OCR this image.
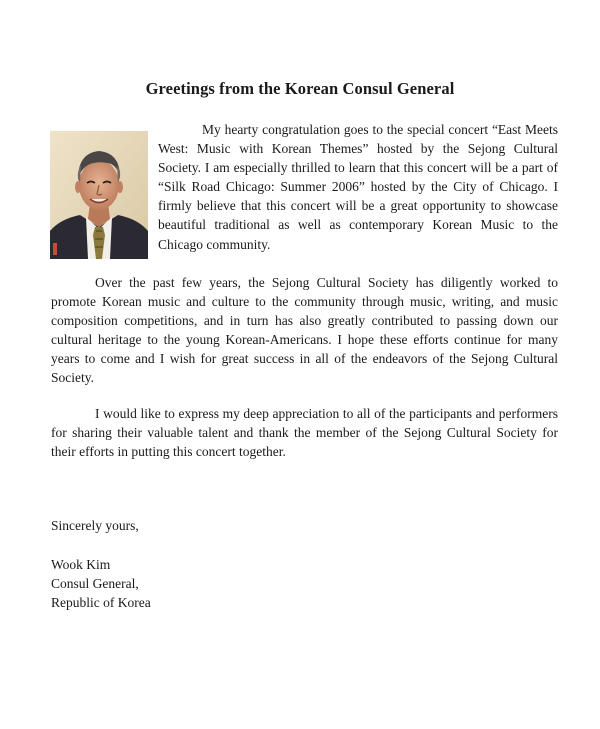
Greetings from the Korean Consul General

My hearty congratulation goes to the special concert “East Meets West: Music with Korean Themes” hosted by the Sejong Cultural Society. I am especially thrilled to learn that this concert will be a part of “Silk Road Chicago: Summer 2006” hosted by the City of Chicago. I firmly believe that this concert will be a great opportunity to showcase beautiful traditional as well as contemporary Korean Music to the Chicago community.

Over the past few years, the Sejong Cultural Society has diligently worked to promote Korean music and culture to the community through music, writing, and music composition competitions, and in turn has also greatly contributed to passing down our cultural heritage to the young Korean-Americans. I hope these efforts continue for many years to come and I wish for great success in all of the endeavors of the Sejong Cultural Society.

I would like to express my deep appreciation to all of the participants and performers for sharing their valuable talent and thank the member of the Sejong Cultural Society for their efforts in putting this concert together.

Sincerely yours,

Wook Kim
Consul General,
Republic of Korea
